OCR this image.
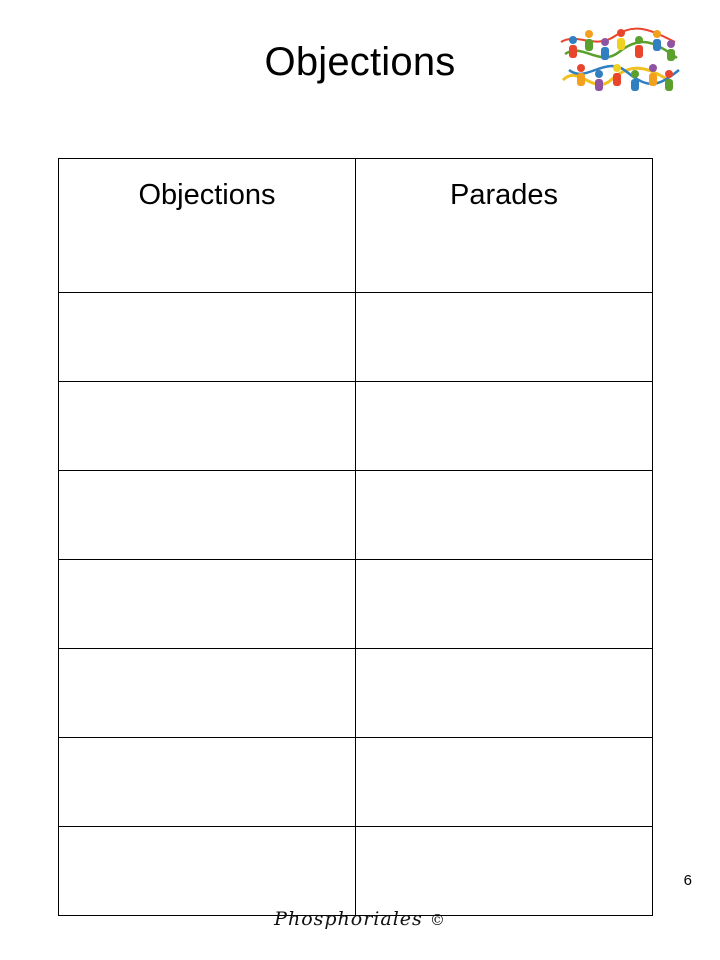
Objections
Objections	Parades

6
Phosphoriales ©
